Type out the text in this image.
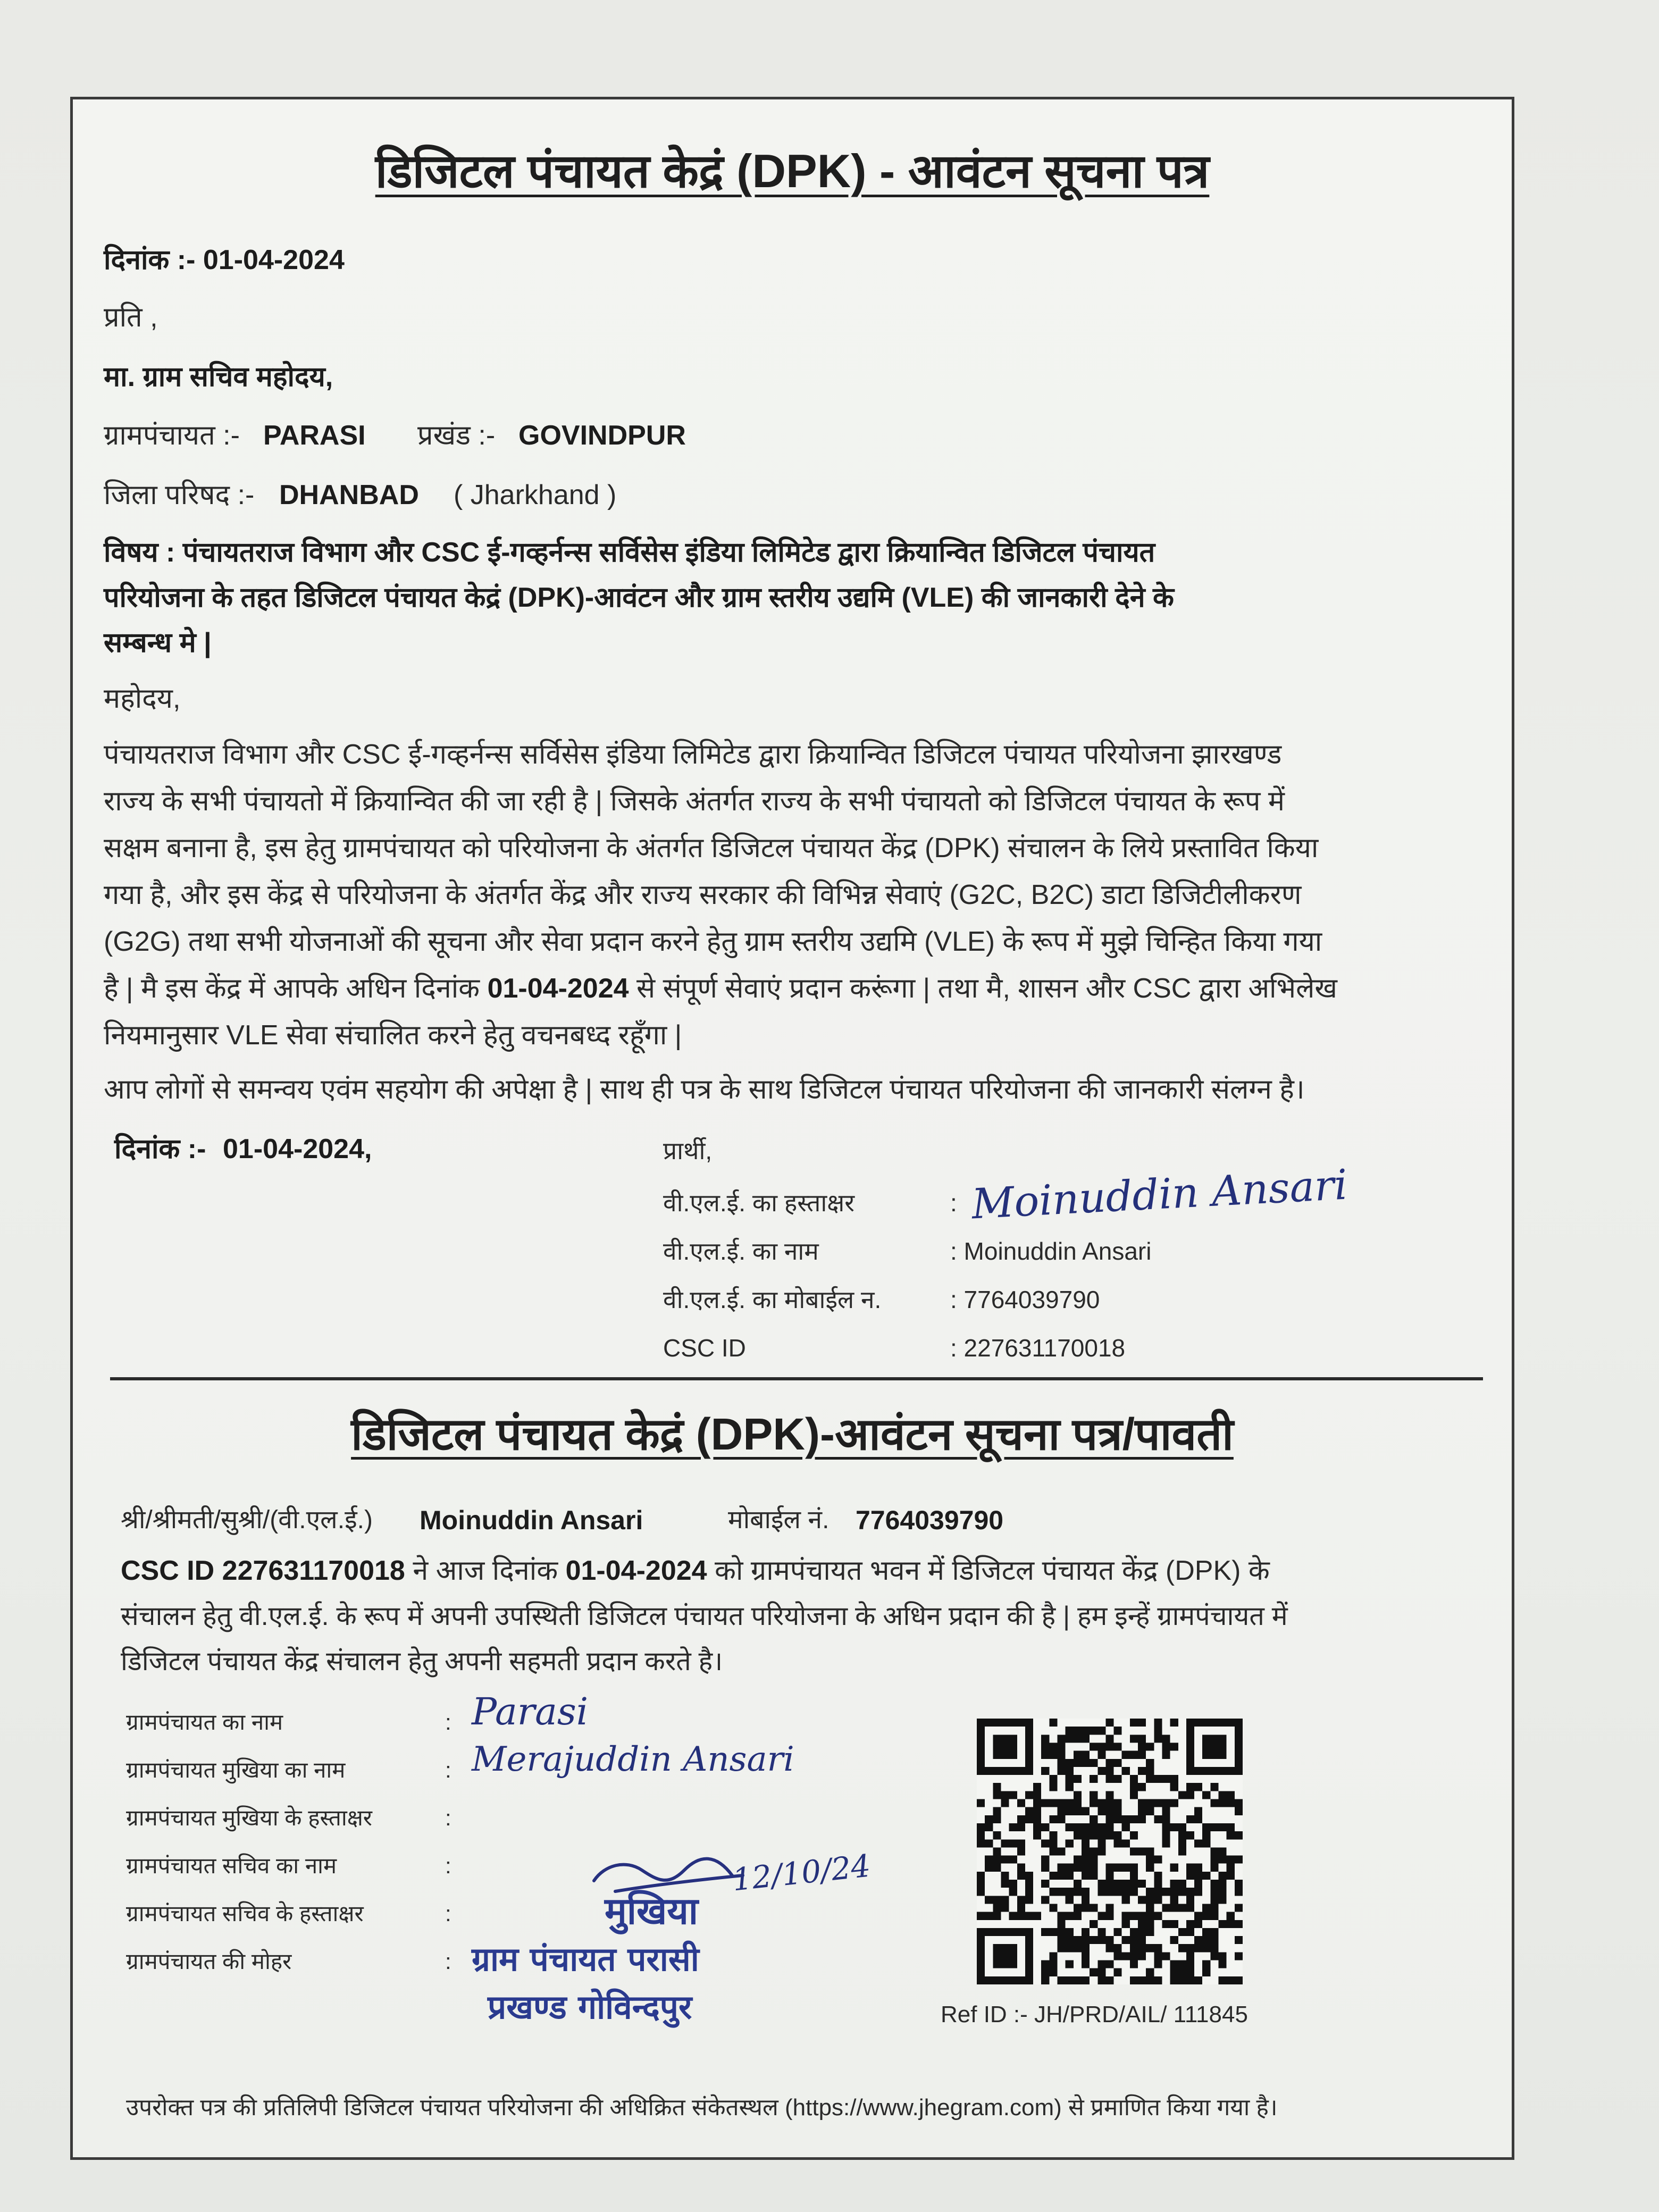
डिजिटल पंचायत केद्रं (DPK) - आवंटन सूचना पत्र
दिनांक :- 01-04-2024
प्रति ,
मा. ग्राम सचिव महोदय,
ग्रामपंचायत :- PARASI प्रखंड :- GOVINDPUR
जिला परिषद :- DHANBAD ( Jharkhand )
विषय : पंचायतराज विभाग और CSC ई-गव्हर्नन्स सर्विसेस इंडिया लिमिटेड द्वारा क्रियान्वित डिजिटल पंचायत
परियोजना के तहत डिजिटल पंचायत केद्रं (DPK)-आवंटन और ग्राम स्तरीय उद्यमि (VLE) की जानकारी देने के
सम्बन्ध मे |
महोदय,
पंचायतराज विभाग और CSC ई-गव्हर्नन्स सर्विसेस इंडिया लिमिटेड द्वारा क्रियान्वित डिजिटल पंचायत परियोजना झारखण्ड
राज्य के सभी पंचायतो में क्रियान्वित की जा रही है | जिसके अंतर्गत राज्य के सभी पंचायतो को डिजिटल पंचायत के रूप में
सक्षम बनाना है, इस हेतु ग्रामपंचायत को परियोजना के अंतर्गत डिजिटल पंचायत केंद्र (DPK) संचालन के लिये प्रस्तावित किया
गया है, और इस केंद्र से परियोजना के अंतर्गत केंद्र और राज्य सरकार की विभिन्न सेवाएं (G2C, B2C) डाटा डिजिटीलीकरण
(G2G) तथा सभी योजनाओं की सूचना और सेवा प्रदान करने हेतु ग्राम स्तरीय उद्यमि (VLE) के रूप में मुझे चिन्हित किया गया
है | मै इस केंद्र में आपके अधिन दिनांक 01-04-2024 से संपूर्ण सेवाएं प्रदान करूंगा | तथा मै, शासन और CSC द्वारा अभिलेख
नियमानुसार VLE सेवा संचालित करने हेतु वचनबध्द रहूँगा |
आप लोगों से समन्वय एवंम सहयोग की अपेक्षा है | साथ ही पत्र के साथ डिजिटल पंचायत परियोजना की जानकारी संलग्न है।
दिनांक :- 01-04-2024,	प्रार्थी,
वी.एल.ई. का हस्ताक्षर	: Moinuddin Ansari
वी.एल.ई. का नाम	: Moinuddin Ansari
वी.एल.ई. का मोबाईल न.	: 7764039790
CSC ID	: 227631170018
डिजिटल पंचायत केद्रं (DPK)-आवंटन सूचना पत्र/पावती
श्री/श्रीमती/सुश्री/(वी.एल.ई.) Moinuddin Ansari	मोबाईल नं. 7764039790
CSC ID 227631170018 ने आज दिनांक 01-04-2024 को ग्रामपंचायत भवन में डिजिटल पंचायत केंद्र (DPK) के
संचालन हेतु वी.एल.ई. के रूप में अपनी उपस्थिती डिजिटल पंचायत परियोजना के अधिन प्रदान की है | हम इन्हें ग्रामपंचायत में
डिजिटल पंचायत केंद्र संचालन हेतु अपनी सहमती प्रदान करते है।
ग्रामपंचायत का नाम	: Parasi
ग्रामपंचायत मुखिया का नाम	: Merajuddin Ansari
ग्रामपंचायत मुखिया के हस्ताक्षर	:
ग्रामपंचायत सचिव का नाम	:
ग्रामपंचायत सचिव के हस्ताक्षर	:
ग्रामपंचायत की मोहर	:
12/10/24
मुखिया
ग्राम पंचायत परासी
प्रखण्ड गोविन्दपुर	Ref ID :- JH/PRD/AIL/ 111845
उपरोक्त पत्र की प्रतिलिपी डिजिटल पंचायत परियोजना की अधिक्रित संकेतस्थल (https://www.jhegram.com) से प्रमाणित किया गया है।
